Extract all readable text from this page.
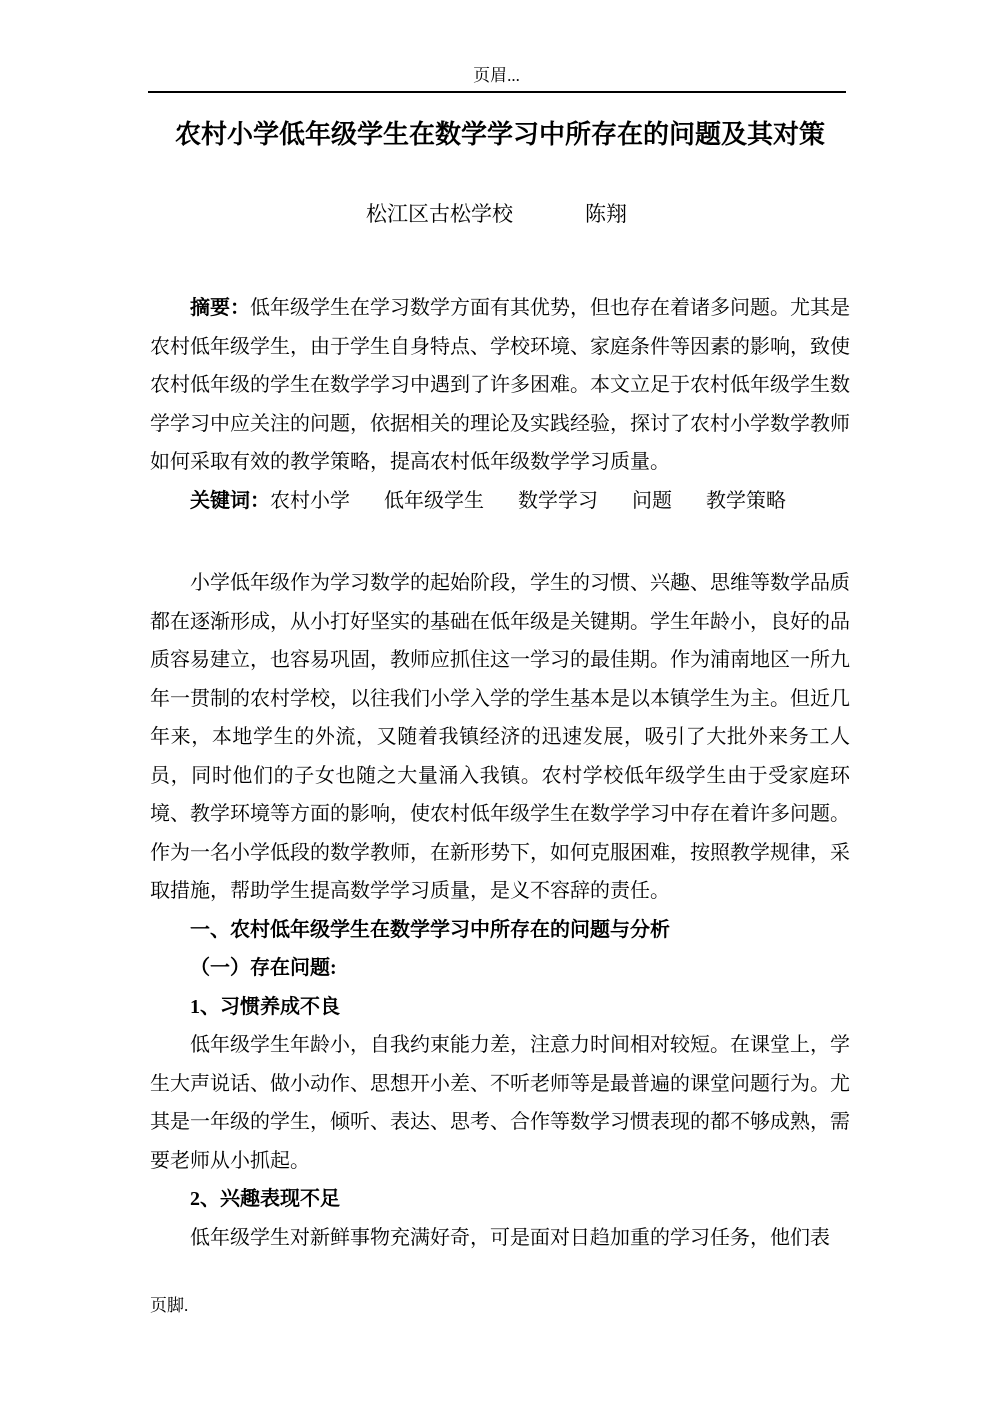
页眉...
农村小学低年级学生在数学学习中所存在的问题及其对策
松江区古松学校	陈翔

摘要：低年级学生在学习数学方面有其优势，但也存在着诸多问题。尤其是农村低年级学生，由于学生自身特点、学校环境、家庭条件等因素的影响，致使农村低年级的学生在数学学习中遇到了许多困难。本文立足于农村低年级学生数学学习中应关注的问题，依据相关的理论及实践经验，探讨了农村小学数学教师如何采取有效的教学策略，提高农村低年级数学学习质量。

关键词：农村小学 低年级学生 数学学习 问题 教学策略

小学低年级作为学习数学的起始阶段，学生的习惯、兴趣、思维等数学品质都在逐渐形成，从小打好坚实的基础在低年级是关键期。学生年龄小，良好的品质容易建立，也容易巩固，教师应抓住这一学习的最佳期。作为浦南地区一所九年一贯制的农村学校，以往我们小学入学的学生基本是以本镇学生为主。但近几年来，本地学生的外流，又随着我镇经济的迅速发展，吸引了大批外来务工人员，同时他们的子女也随之大量涌入我镇。农村学校低年级学生由于受家庭环境、教学环境等方面的影响，使农村低年级学生在数学学习中存在着许多问题。作为一名小学低段的数学教师，在新形势下，如何克服困难，按照教学规律，采取措施，帮助学生提高数学学习质量，是义不容辞的责任。

一、农村低年级学生在数学学习中所存在的问题与分析

（一）存在问题:

1、习惯养成不良

低年级学生年龄小，自我约束能力差，注意力时间相对较短。在课堂上，学生大声说话、做小动作、思想开小差、不听老师等是最普遍的课堂问题行为。尤其是一年级的学生，倾听、表达、思考、合作等数学习惯表现的都不够成熟，需要老师从小抓起。

2、兴趣表现不足

低年级学生对新鲜事物充满好奇，可是面对日趋加重的学习任务，他们表

页脚.
